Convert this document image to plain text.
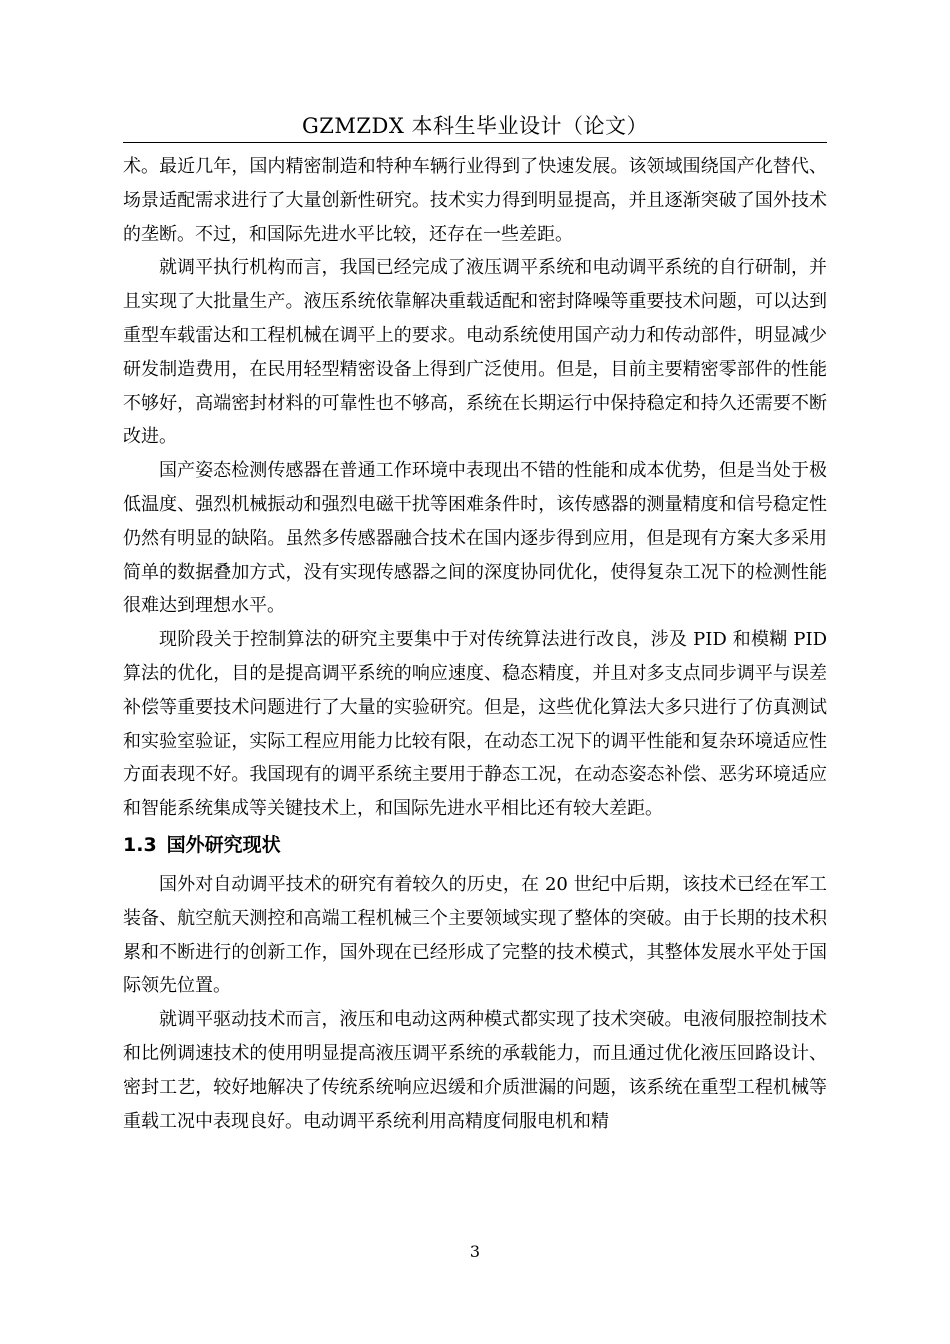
GZMZDX 本科生毕业设计（论文）

术。最近几年，国内精密制造和特种车辆行业得到了快速发展。该领域围绕国产化替代、场景适配需求进行了大量创新性研究。技术实力得到明显提高，并且逐渐突破了国外技术的垄断。不过，和国际先进水平比较，还存在一些差距。

就调平执行机构而言，我国已经完成了液压调平系统和电动调平系统的自行研制，并且实现了大批量生产。液压系统依靠解决重载适配和密封降噪等重要技术问题，可以达到重型车载雷达和工程机械在调平上的要求。电动系统使用国产动力和传动部件，明显减少研发制造费用，在民用轻型精密设备上得到广泛使用。但是，目前主要精密零部件的性能不够好，高端密封材料的可靠性也不够高，系统在长期运行中保持稳定和持久还需要不断改进。

国产姿态检测传感器在普通工作环境中表现出不错的性能和成本优势，但是当处于极低温度、强烈机械振动和强烈电磁干扰等困难条件时，该传感器的测量精度和信号稳定性仍然有明显的缺陷。虽然多传感器融合技术在国内逐步得到应用，但是现有方案大多采用简单的数据叠加方式，没有实现传感器之间的深度协同优化，使得复杂工况下的检测性能很难达到理想水平。

现阶段关于控制算法的研究主要集中于对传统算法进行改良，涉及 PID 和模糊 PID 算法的优化，目的是提高调平系统的响应速度、稳态精度，并且对多支点同步调平与误差补偿等重要技术问题进行了大量的实验研究。但是，这些优化算法大多只进行了仿真测试和实验室验证，实际工程应用能力比较有限，在动态工况下的调平性能和复杂环境适应性方面表现不好。我国现有的调平系统主要用于静态工况，在动态姿态补偿、恶劣环境适应和智能系统集成等关键技术上，和国际先进水平相比还有较大差距。

1.3 国外研究现状

国外对自动调平技术的研究有着较久的历史，在 20 世纪中后期，该技术已经在军工装备、航空航天测控和高端工程机械三个主要领域实现了整体的突破。由于长期的技术积累和不断进行的创新工作，国外现在已经形成了完整的技术模式，其整体发展水平处于国际领先位置。

就调平驱动技术而言，液压和电动这两种模式都实现了技术突破。电液伺服控制技术和比例调速技术的使用明显提高液压调平系统的承载能力，而且通过优化液压回路设计、密封工艺，较好地解决了传统系统响应迟缓和介质泄漏的问题，该系统在重型工程机械等重载工况中表现良好。电动调平系统利用高精度伺服电机和精

3
